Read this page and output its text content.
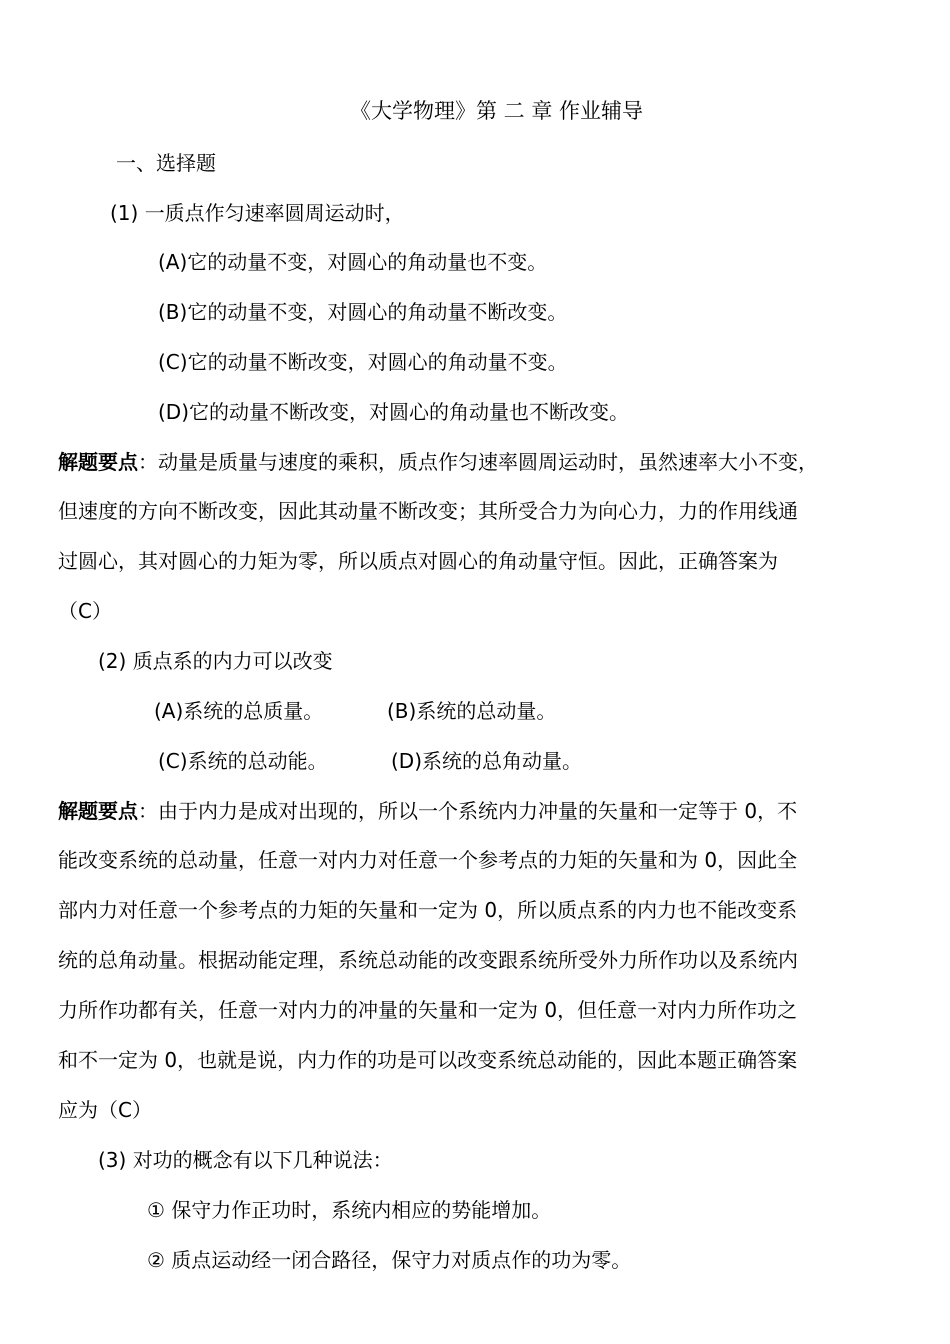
《大学物理》第 二 章 作业辅导
一、选择题
(1) 一质点作匀速率圆周运动时，
(A)它的动量不变，对圆心的角动量也不变。
(B)它的动量不变，对圆心的角动量不断改变。
(C)它的动量不断改变，对圆心的角动量不变。
(D)它的动量不断改变，对圆心的角动量也不断改变。
解题要点：动量是质量与速度的乘积，质点作匀速率圆周运动时，虽然速率大小不变，
但速度的方向不断改变，因此其动量不断改变；其所受合力为向心力，力的作用线通
过圆心，其对圆心的力矩为零，所以质点对圆心的角动量守恒。因此，正确答案为
（C）
(2) 质点系的内力可以改变
(A)系统的总质量。	(B)系统的总动量。
(C)系统的总动能。	(D)系统的总角动量。
解题要点：由于内力是成对出现的，所以一个系统内力冲量的矢量和一定等于 0，不
能改变系统的总动量，任意一对内力对任意一个参考点的力矩的矢量和为 0，因此全
部内力对任意一个参考点的力矩的矢量和一定为 0，所以质点系的内力也不能改变系
统的总角动量。根据动能定理，系统总动能的改变跟系统所受外力所作功以及系统内
力所作功都有关，任意一对内力的冲量的矢量和一定为 0，但任意一对内力所作功之
和不一定为 0，也就是说，内力作的功是可以改变系统总动能的，因此本题正确答案
应为（C）
(3) 对功的概念有以下几种说法：
① 保守力作正功时，系统内相应的势能增加。
② 质点运动经一闭合路径，保守力对质点作的功为零。
